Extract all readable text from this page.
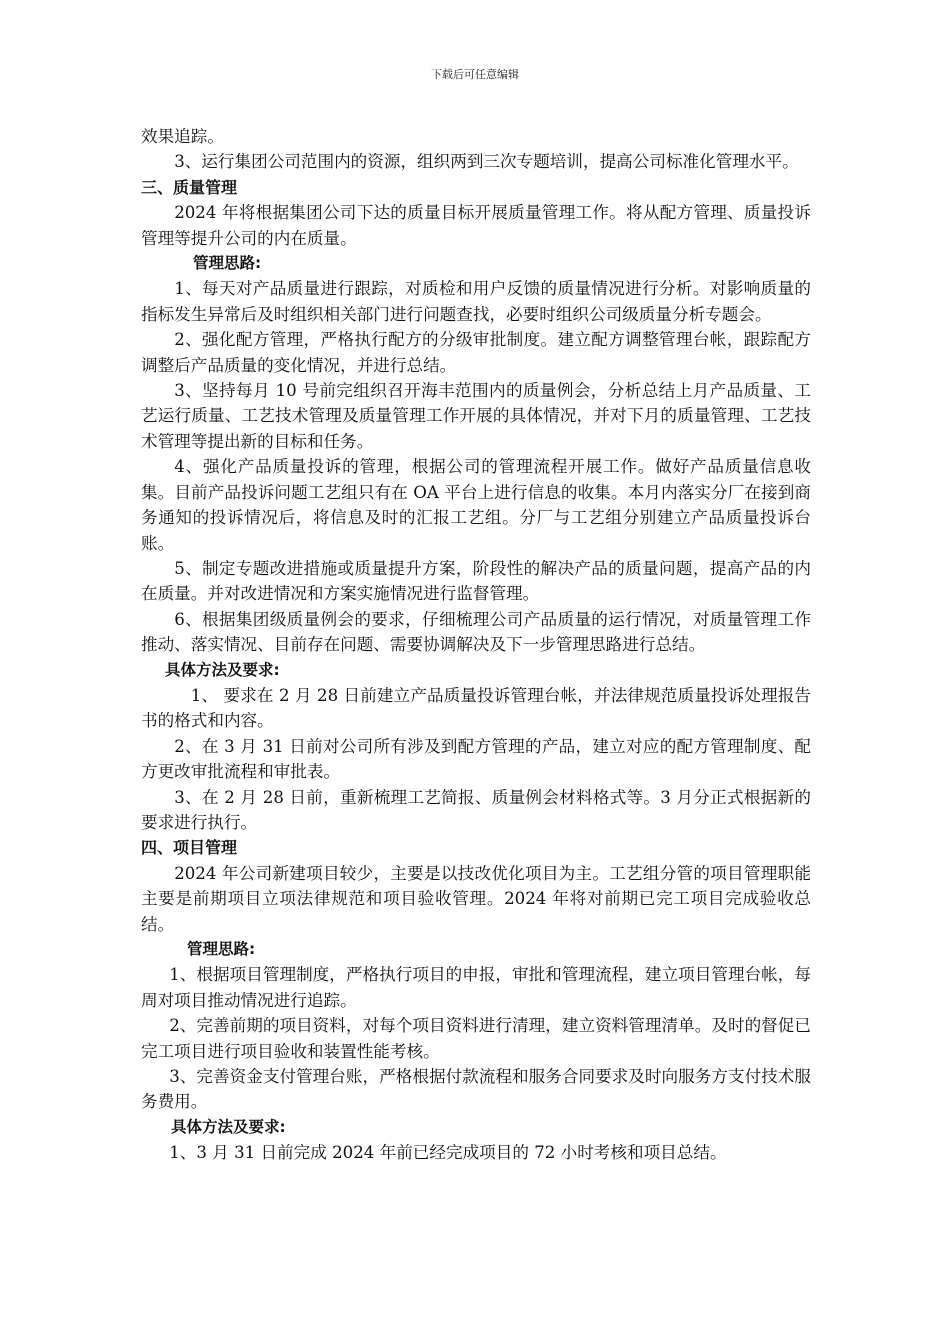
下载后可任意编辑

效果追踪。

3、运行集团公司范围内的资源，组织两到三次专题培训，提高公司标准化管理水平。

三、质量管理

2024 年将根据集团公司下达的质量目标开展质量管理工作。将从配方管理、质量投诉管理等提升公司的内在质量。

管理思路:

1、每天对产品质量进行跟踪，对质检和用户反馈的质量情况进行分析。对影响质量的指标发生异常后及时组织相关部门进行问题查找，必要时组织公司级质量分析专题会。

2、强化配方管理，严格执行配方的分级审批制度。建立配方调整管理台帐，跟踪配方调整后产品质量的变化情况，并进行总结。

3、坚持每月 10 号前完组织召开海丰范围内的质量例会，分析总结上月产品质量、工艺运行质量、工艺技术管理及质量管理工作开展的具体情况，并对下月的质量管理、工艺技术管理等提出新的目标和任务。

4、强化产品质量投诉的管理，根据公司的管理流程开展工作。做好产品质量信息收集。目前产品投诉问题工艺组只有在 OA 平台上进行信息的收集。本月内落实分厂在接到商务通知的投诉情况后，将信息及时的汇报工艺组。分厂与工艺组分别建立产品质量投诉台账。

5、制定专题改进措施或质量提升方案，阶段性的解决产品的质量问题，提高产品的内在质量。并对改进情况和方案实施情况进行监督管理。

6、根据集团级质量例会的要求，仔细梳理公司产品质量的运行情况，对质量管理工作推动、落实情况、目前存在问题、需要协调解决及下一步管理思路进行总结。

具体方法及要求:

1、 要求在 2 月 28 日前建立产品质量投诉管理台帐，并法律规范质量投诉处理报告书的格式和内容。

2、在 3 月 31 日前对公司所有涉及到配方管理的产品，建立对应的配方管理制度、配方更改审批流程和审批表。

3、在 2 月 28 日前，重新梳理工艺简报、质量例会材料格式等。3 月分正式根据新的要求进行执行。

四、项目管理

2024 年公司新建项目较少，主要是以技改优化项目为主。工艺组分管的项目管理职能主要是前期项目立项法律规范和项目验收管理。2024 年将对前期已完工项目完成验收总结。

管理思路:

1、根据项目管理制度，严格执行项目的申报，审批和管理流程，建立项目管理台帐，每周对项目推动情况进行追踪。

2、完善前期的项目资料，对每个项目资料进行清理，建立资料管理清单。及时的督促已完工项目进行项目验收和装置性能考核。

3、完善资金支付管理台账，严格根据付款流程和服务合同要求及时向服务方支付技术服务费用。

具体方法及要求:

1、3 月 31 日前完成 2024 年前已经完成项目的 72 小时考核和项目总结。
